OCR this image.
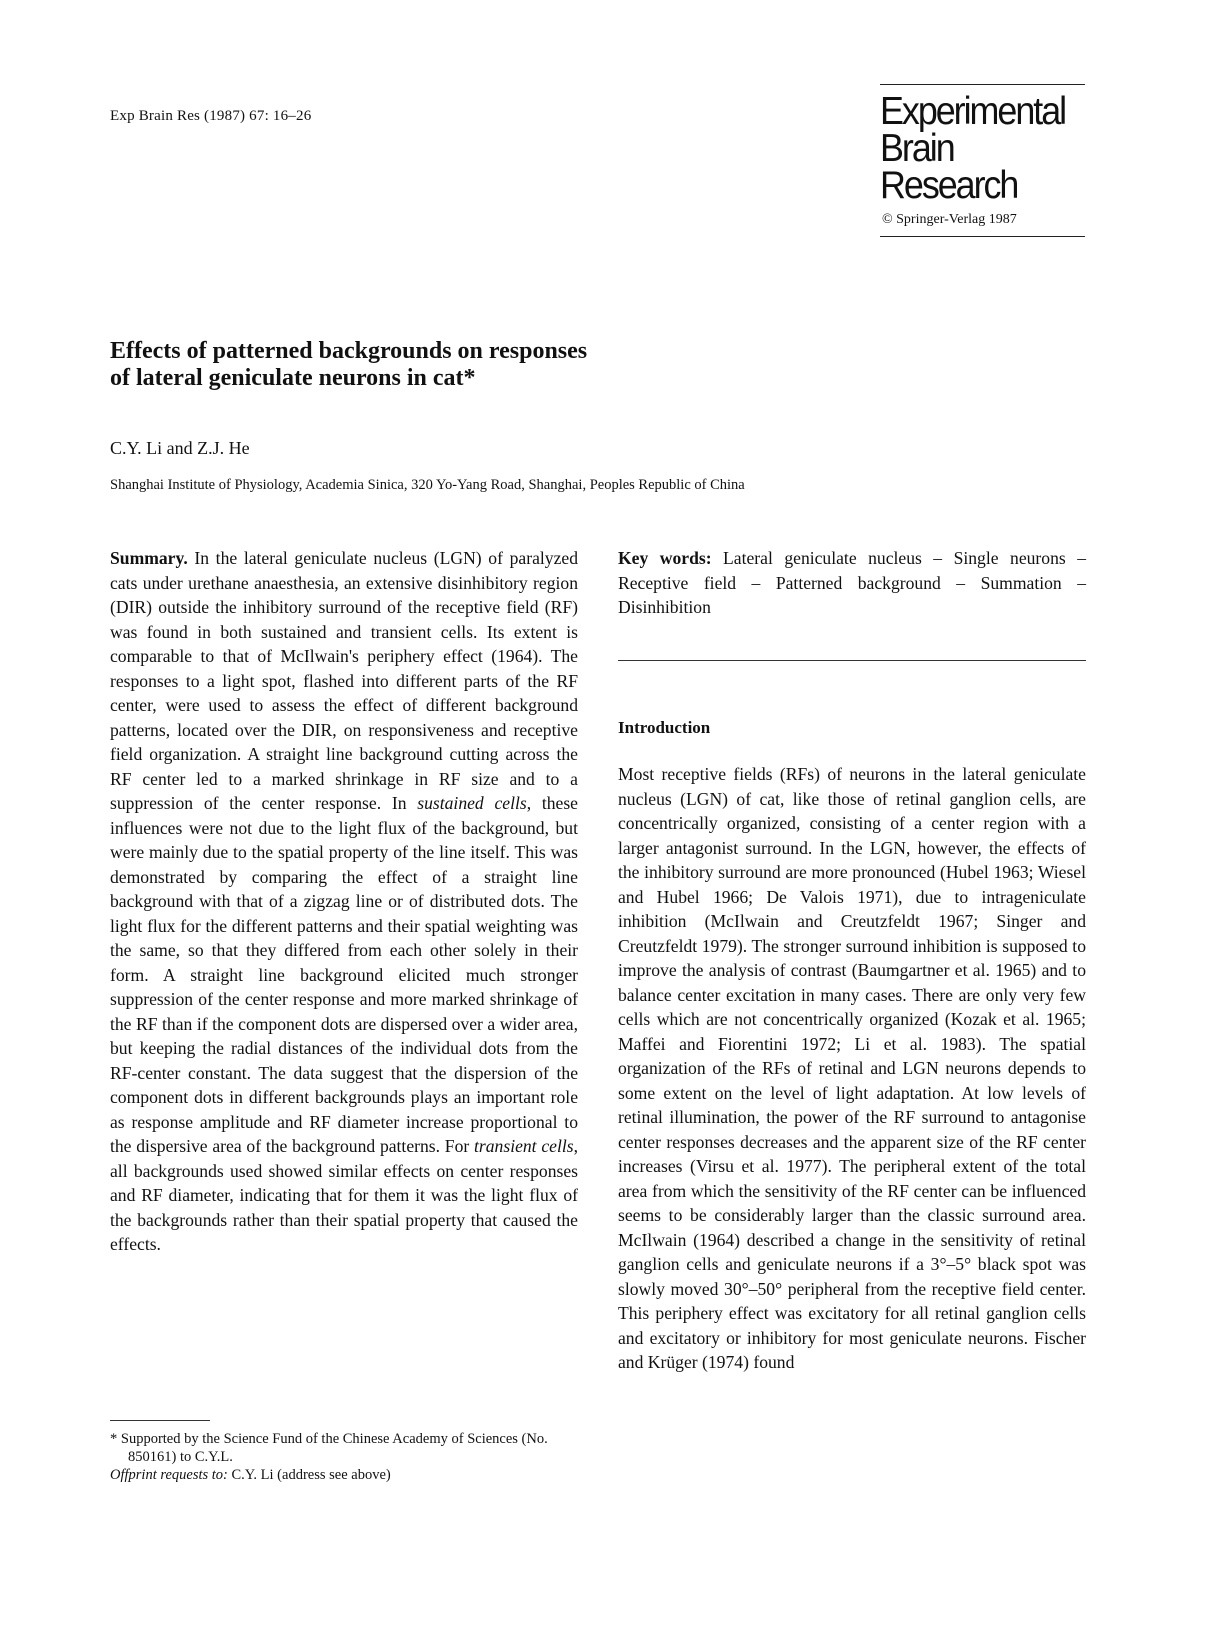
Exp Brain Res (1987) 67: 16–26	Experimental
Brain Research
© Springer-Verlag 1987
Effects of patterned backgrounds on responses
of lateral geniculate neurons in cat*
C.Y. Li and Z.J. He
Shanghai Institute of Physiology, Academia Sinica, 320 Yo-Yang Road, Shanghai, Peoples Republic of China

Summary. In the lateral geniculate nucleus (LGN) of paralyzed cats under urethane anaesthesia, an extensive disinhibitory region (DIR) outside the inhibitory surround of the receptive field (RF) was found in both sustained and transient cells. Its extent is comparable to that of McIlwain's periphery effect (1964). The responses to a light spot, flashed into different parts of the RF center, were used to assess the effect of different background patterns, located over the DIR, on responsiveness and receptive field organization. A straight line background cutting across the RF center led to a marked shrinkage in RF size and to a suppression of the center response. In sustained cells, these influences were not due to the light flux of the background, but were mainly due to the spatial property of the line itself. This was demonstrated by comparing the effect of a straight line background with that of a zigzag line or of distributed dots. The light flux for the different patterns and their spatial weighting was the same, so that they differed from each other solely in their form. A straight line background elicited much stronger suppression of the center response and more marked shrinkage of the RF than if the component dots are dispersed over a wider area, but keeping the radial distances of the individual dots from the RF-center constant. The data suggest that the dispersion of the component dots in different backgrounds plays an important role as response amplitude and RF diameter increase proportional to the dispersive area of the background patterns. For transient cells, all backgrounds used showed similar effects on center responses and RF diameter, indicating that for them it was the light flux of the backgrounds rather than their spatial property that caused the effects.

Key words: Lateral geniculate nucleus – Single neurons – Receptive field – Patterned background – Summation – Disinhibition

Introduction
Most receptive fields (RFs) of neurons in the lateral geniculate nucleus (LGN) of cat, like those of retinal ganglion cells, are concentrically organized, consisting of a center region with a larger antagonist surround. In the LGN, however, the effects of the inhibitory surround are more pronounced (Hubel 1963; Wiesel and Hubel 1966; De Valois 1971), due to intrageniculate inhibition (McIlwain and Creutzfeldt 1967; Singer and Creutzfeldt 1979). The stronger surround inhibition is supposed to improve the analysis of contrast (Baumgartner et al. 1965) and to balance center excitation in many cases. There are only very few cells which are not concentrically organized (Kozak et al. 1965; Maffei and Fiorentini 1972; Li et al. 1983). The spatial organization of the RFs of retinal and LGN neurons depends to some extent on the level of light adaptation. At low levels of retinal illumination, the power of the RF surround to antagonise center responses decreases and the apparent size of the RF center increases (Virsu et al. 1977). The peripheral extent of the total area from which the sensitivity of the RF center can be influenced seems to be considerably larger than the classic surround area. McIlwain (1964) described a change in the sensitivity of retinal ganglion cells and geniculate neurons if a 3°–5° black spot was slowly moved 30°–50° peripheral from the receptive field center. This periphery effect was excitatory for all retinal ganglion cells and excitatory or inhibitory for most geniculate neurons. Fischer and Krüger (1974) found

* Supported by the Science Fund of the Chinese Academy of Sciences (No. 850161) to C.Y.L.

Offprint requests to: C.Y. Li (address see above)
